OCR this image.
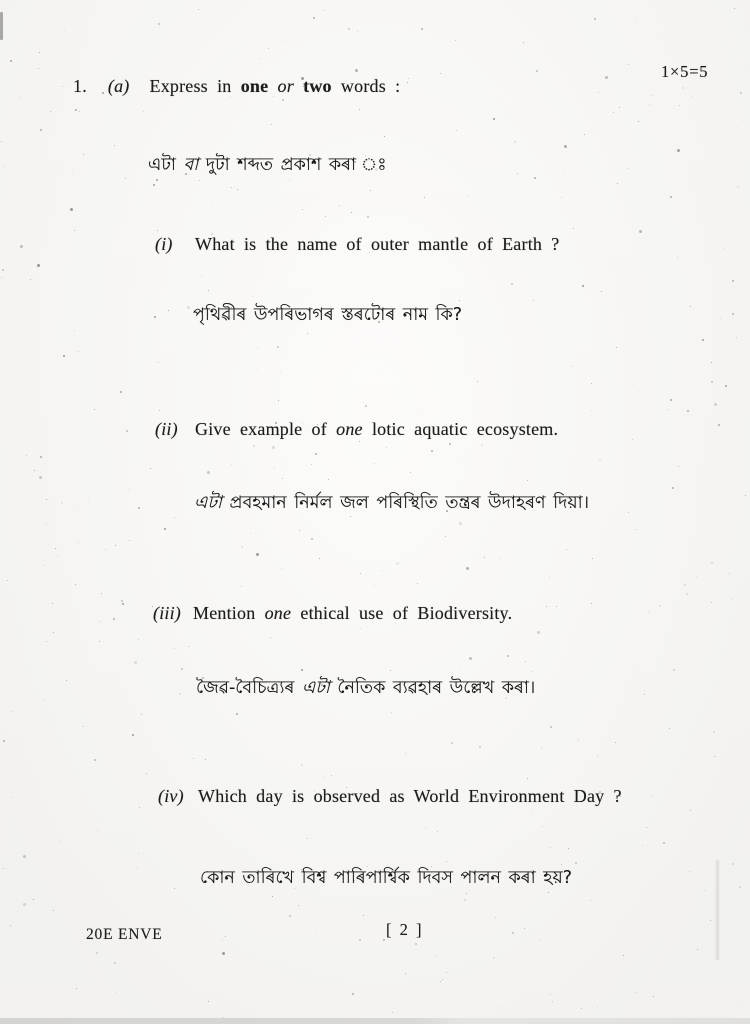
1×5=5
1. (a) Express in one or two words :
এটা বা দুটা শব্দত প্ৰকাশ কৰা ঃ
(i) What is the name of outer mantle of Earth ?
পৃথিৱীৰ উপৰিভাগৰ স্তৰটোৰ নাম কি?
(ii) Give example of one lotic aquatic ecosystem.
এটা প্ৰবহমান নিৰ্মল জল পৰিস্থিতি তন্ত্ৰৰ উদাহৰণ দিয়া।
(iii) Mention one ethical use of Biodiversity.
জৈৱ-বৈচিত্ৰ্যৰ এটা নৈতিক ব্যৱহাৰ উল্লেখ কৰা।
(iv) Which day is observed as World Environment Day ?
কোন তাৰিখে বিশ্ব পাৰিপাৰ্শ্বিক দিবস পালন কৰা হয়?
20E ENVE	[ 2 ]
